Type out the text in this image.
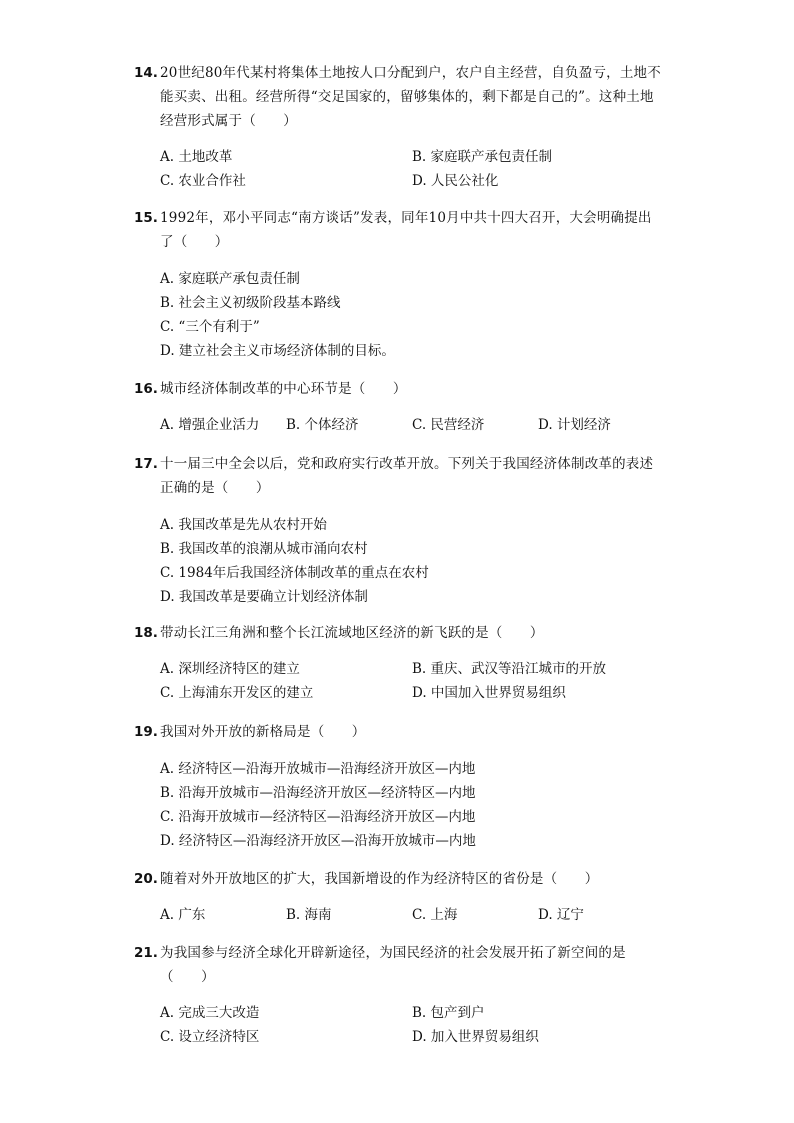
14. 20世纪80年代某村将集体土地按人口分配到户，农户自主经营，自负盈亏，土地不能买卖、出租。经营所得“交足国家的，留够集体的，剩下都是自己的”。这种土地经营形式属于（　　）
A. 土地改革	B. 家庭联产承包责任制
C. 农业合作社	D. 人民公社化
15. 1992年，邓小平同志“南方谈话”发表，同年10月中共十四大召开，大会明确提出了（　　）
A. 家庭联产承包责任制
B. 社会主义初级阶段基本路线
C. “三个有利于”
D. 建立社会主义市场经济体制的目标。
16. 城市经济体制改革的中心环节是（　　）
A. 增强企业活力	B. 个体经济	C. 民营经济	D. 计划经济
17. 十一届三中全会以后，党和政府实行改革开放。下列关于我国经济体制改革的表述正确的是（　　）
A. 我国改革是先从农村开始
B. 我国改革的浪潮从城市涌向农村
C. 1984年后我国经济体制改革的重点在农村
D. 我国改革是要确立计划经济体制
18. 带动长江三角洲和整个长江流域地区经济的新飞跃的是（　　）
A. 深圳经济特区的建立	B. 重庆、武汉等沿江城市的开放
C. 上海浦东开发区的建立	D. 中国加入世界贸易组织
19. 我国对外开放的新格局是（　　）
A. 经济特区—沿海开放城市—沿海经济开放区—内地
B. 沿海开放城市—沿海经济开放区—经济特区—内地
C. 沿海开放城市—经济特区—沿海经济开放区—内地
D. 经济特区—沿海经济开放区—沿海开放城市—内地
20. 随着对外开放地区的扩大，我国新增设的作为经济特区的省份是（　　）
A. 广东	B. 海南	C. 上海	D. 辽宁
21. 为我国参与经济全球化开辟新途径，为国民经济的社会发展开拓了新空间的是（　　）
A. 完成三大改造	B. 包产到户
C. 设立经济特区	D. 加入世界贸易组织
